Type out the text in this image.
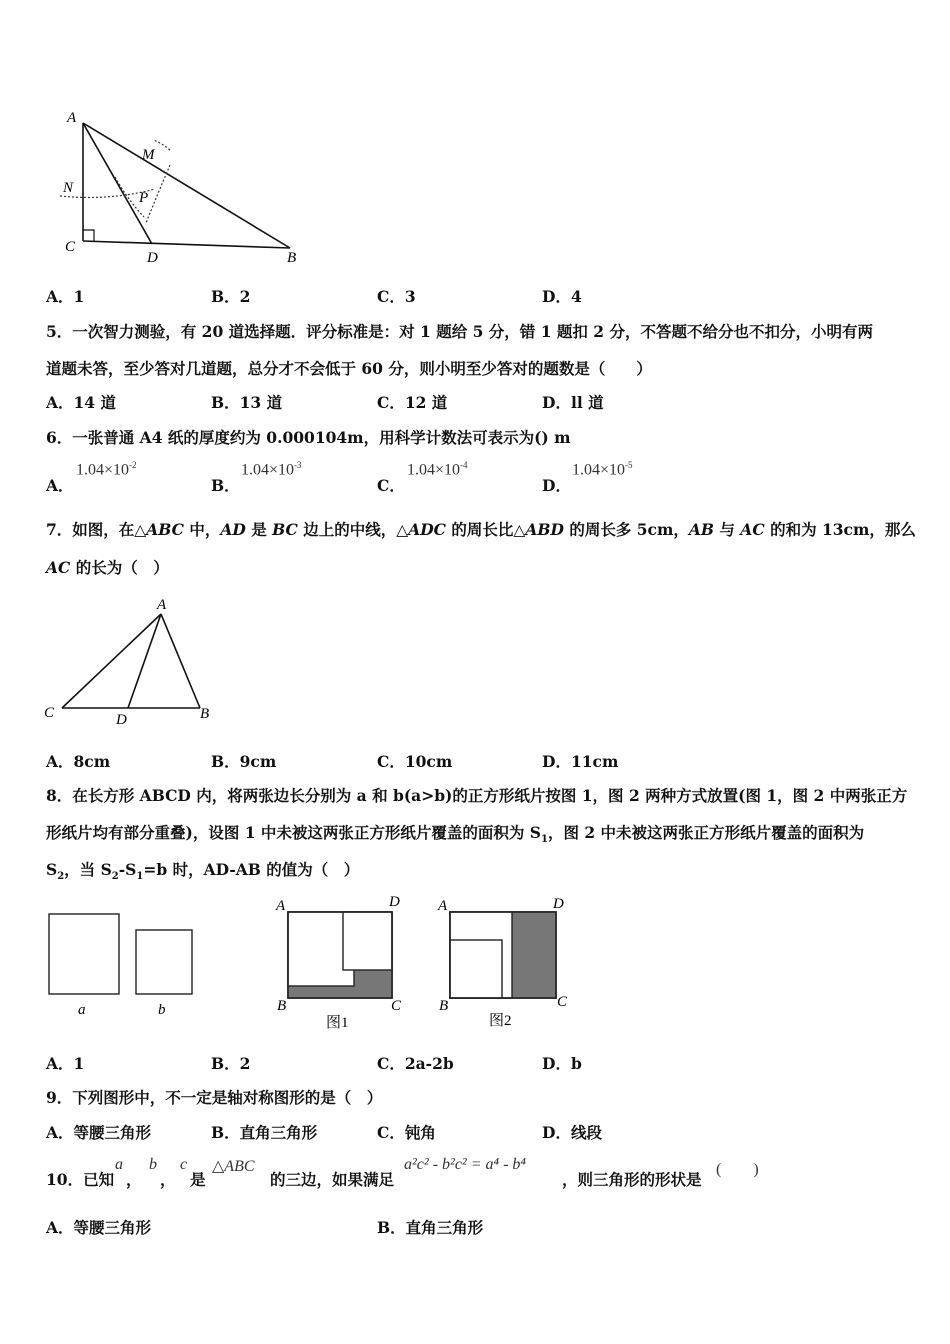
A
M
N
P
C
D	B
A．1	B．2	C．3	D．4
5．一次智力测验，有 20 道选择题．评分标准是：对 1 题给 5 分，错 1 题扣 2 分，不答题不给分也不扣分，小明有两
道题未答，至少答对几道题，总分才不会低于 60 分，则小明至少答对的题数是（　　）
A．14 道	B．13 道	C．12 道	D．ll 道
6．一张普通 A4 纸的厚度约为 0.000104m，用科学计数法可表示为() m
A．
$1.04\times 10^{-2}$
B．
$1.04\times 10^{-3}$
C．
$1.04\times 10^{-4}$
D．
$1.04\times 10^{-5}$
7．如图，在△ABC 中，AD 是 BC 边上的中线，△ADC 的周长比△ABD 的周长多 5cm，AB 与 AC 的和为 13cm，那么
AC 的长为（　）
A
C	D	B
A．8cm	B．9cm	C．10cm	D．11cm
8．在长方形 ABCD 内，将两张边长分别为 a 和 b(a>b)的正方形纸片按图 1，图 2 两种方式放置(图 1，图 2 中两张正方
形纸片均有部分重叠)，设图 1 中未被这两张正方形纸片覆盖的面积为 $S_1$，图 2 中未被这两张正方形纸片覆盖的面积为
$S_2$，当 $S_2-S_1=b$ 时，AD-AB 的值为（　）
a	b
A	D
B	C
图1
A	D
B	C
图2
A．1	B．2	C．2a-2b	D．b
9．下列图形中，不一定是轴对称图形的是（　）
A．等腰三角形	B．直角三角形	C．钝角	D．线段
10．已知
a
，
b
，
c
是
△ABC
的三边，如果满足
a²c² - b²c² = a⁴ - b⁴
，则三角形的形状是
(　　)
A．等腰三角形	B．直角三角形
